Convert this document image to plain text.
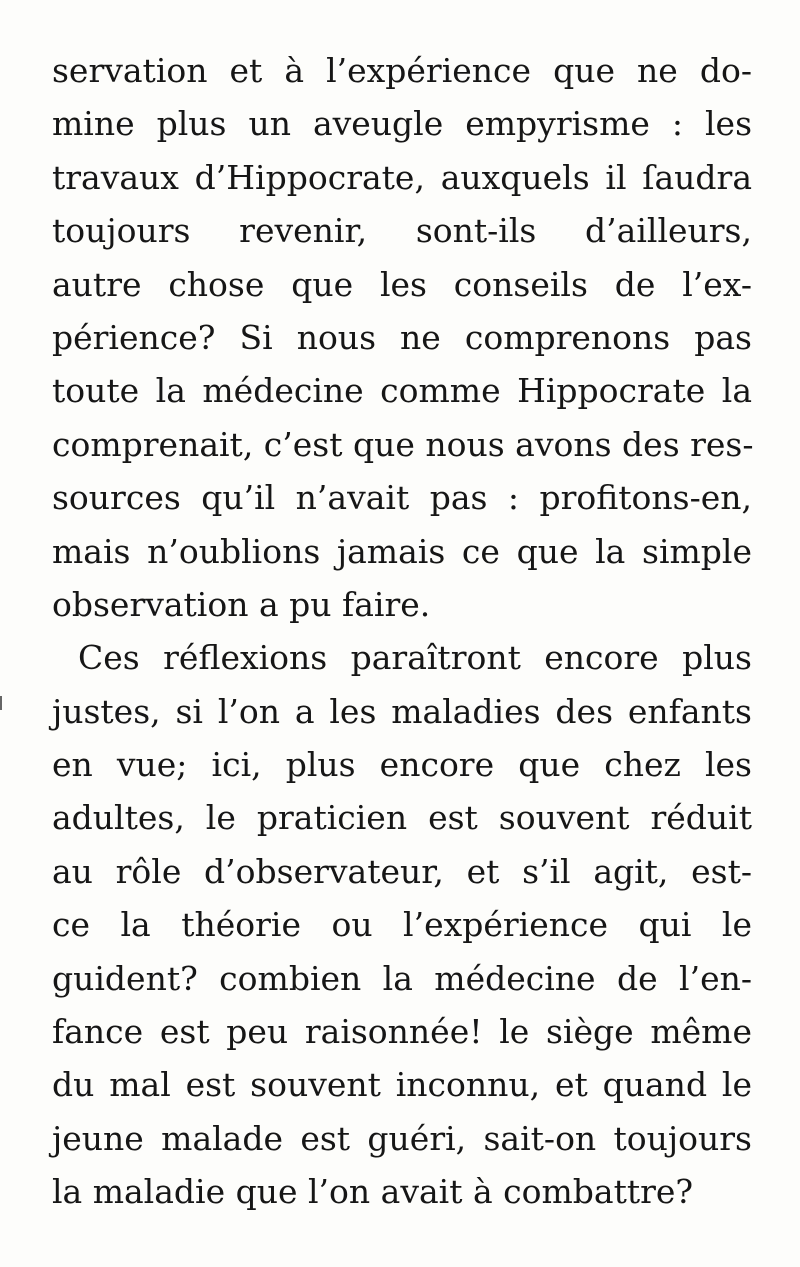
servation et à l’expérience que ne do-
mine plus un aveugle empyrisme : les
travaux d’Hippocrate, auxquels il ſaudra
toujours revenir, sont-ils d’ailleurs,
autre chose que les conseils de l’ex-
périence? Si nous ne comprenons pas
toute la médecine comme Hippocrate la
comprenait, c’est que nous avons des res-
sources qu’il n’avait pas : profitons-en,
mais n’oublions jamais ce que la simple
observation a pu faire.
Ces réflexions paraîtront encore plus
justes, si l’on a les maladies des enfants
en vue; ici, plus encore que chez les
adultes, le praticien est souvent réduit
au rôle d’observateur, et s’il agit, est-
ce la théorie ou l’expérience qui le
guident? combien la médecine de l’en-
fance est peu raisonnée! le siège même
du mal est souvent inconnu, et quand le
jeune malade est guéri, sait-on toujours
la maladie que l’on avait à combattre?
